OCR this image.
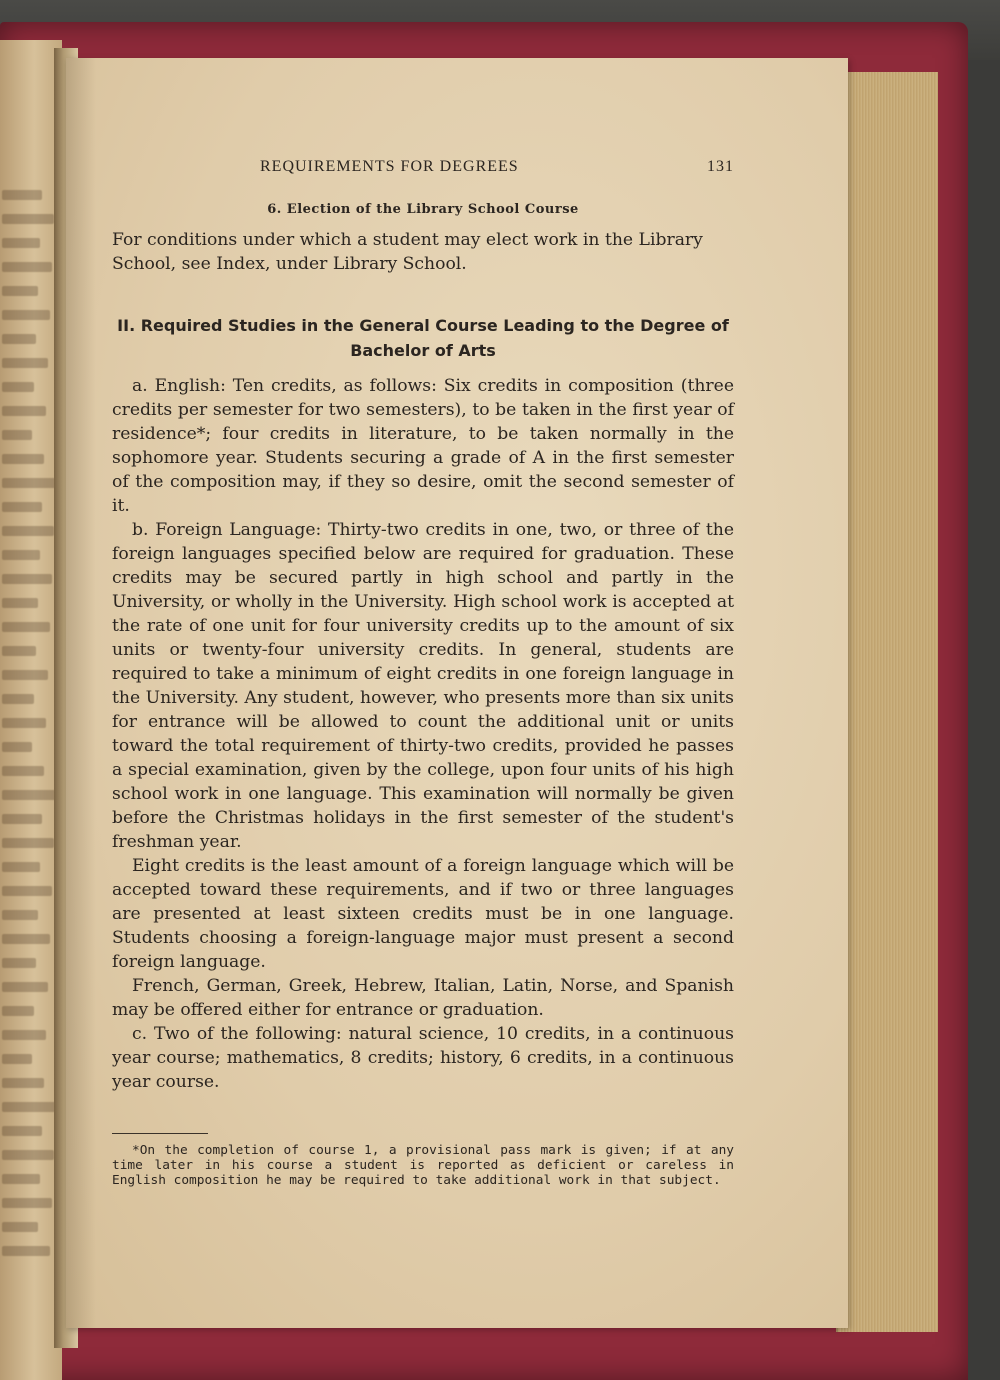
REQUIREMENTS FOR DEGREES	131
6. Election of the Library School Course
For conditions under which a student may elect work in the Library School, see Index, under Library School.
II. Required Studies in the General Course Leading to the Degree of Bachelor of Arts

a. English: Ten credits, as follows: Six credits in composition (three credits per semester for two semesters), to be taken in the first year of residence*; four credits in literature, to be taken normally in the sophomore year. Students securing a grade of A in the first semester of the composition may, if they so desire, omit the second semester of it.

b. Foreign Language: Thirty-two credits in one, two, or three of the foreign languages specified below are required for graduation. These credits may be secured partly in high school and partly in the University, or wholly in the University. High school work is accepted at the rate of one unit for four university credits up to the amount of six units or twenty-four university credits. In general, students are required to take a minimum of eight credits in one foreign language in the University. Any student, however, who presents more than six units for entrance will be allowed to count the additional unit or units toward the total requirement of thirty-two credits, provided he passes a special examination, given by the college, upon four units of his high school work in one language. This examination will normally be given before the Christmas holidays in the first semester of the student's freshman year.

Eight credits is the least amount of a foreign language which will be accepted toward these requirements, and if two or three languages are presented at least sixteen credits must be in one language. Students choosing a foreign-language major must present a second foreign language.

French, German, Greek, Hebrew, Italian, Latin, Norse, and Spanish may be offered either for entrance or graduation.

c. Two of the following: natural science, 10 credits, in a continuous year course; mathematics, 8 credits; history, 6 credits, in a continuous year course.

*On the completion of course 1, a provisional pass mark is given; if at any time later in his course a student is reported as deficient or careless in English composition he may be required to take additional work in that subject.
